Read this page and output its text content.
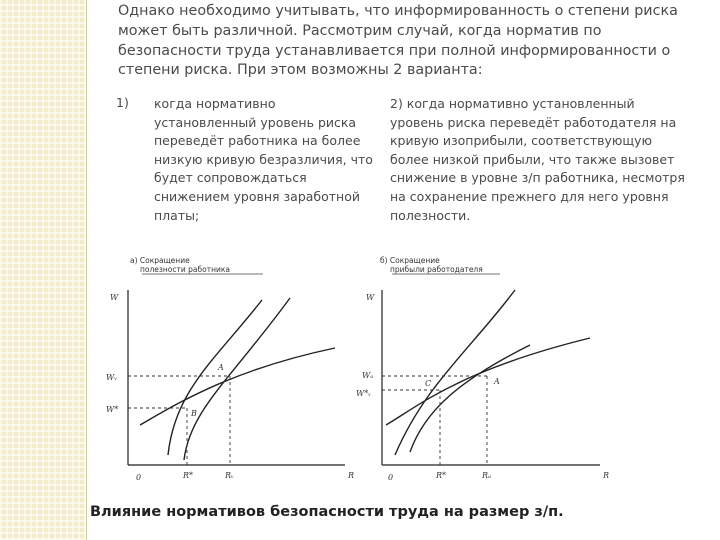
Однако необходимо учитывать, что информированность о степени риска может быть различной. Рассмотрим случай, когда норматив по безопасности труда устанавливается при полной информированности о степени риска. При этом возможны 2 варианта:
1) когда нормативно установленный уровень риска переведёт работника на более низкую кривую безразличия, что будет сопровождаться снижением уровня заработной платы;
2) когда нормативно установленный уровень риска переведёт работодателя на кривую изоприбыли, соответствующую более низкой прибыли, что также вызовет снижение в уровне з/п работника, несмотря на сохранение прежнего для него уровня полезности.
а) Сокращение
полезности работника
W
R
0
Wᵥ
W*
R*	Rᵥ
A
B
б) Сокращение
прибыли работодателя
W
R
0
Wₐ
W*ᵥ
R*	Rₐ
A
C
Влияние нормативов безопасности труда на размер з/п.
